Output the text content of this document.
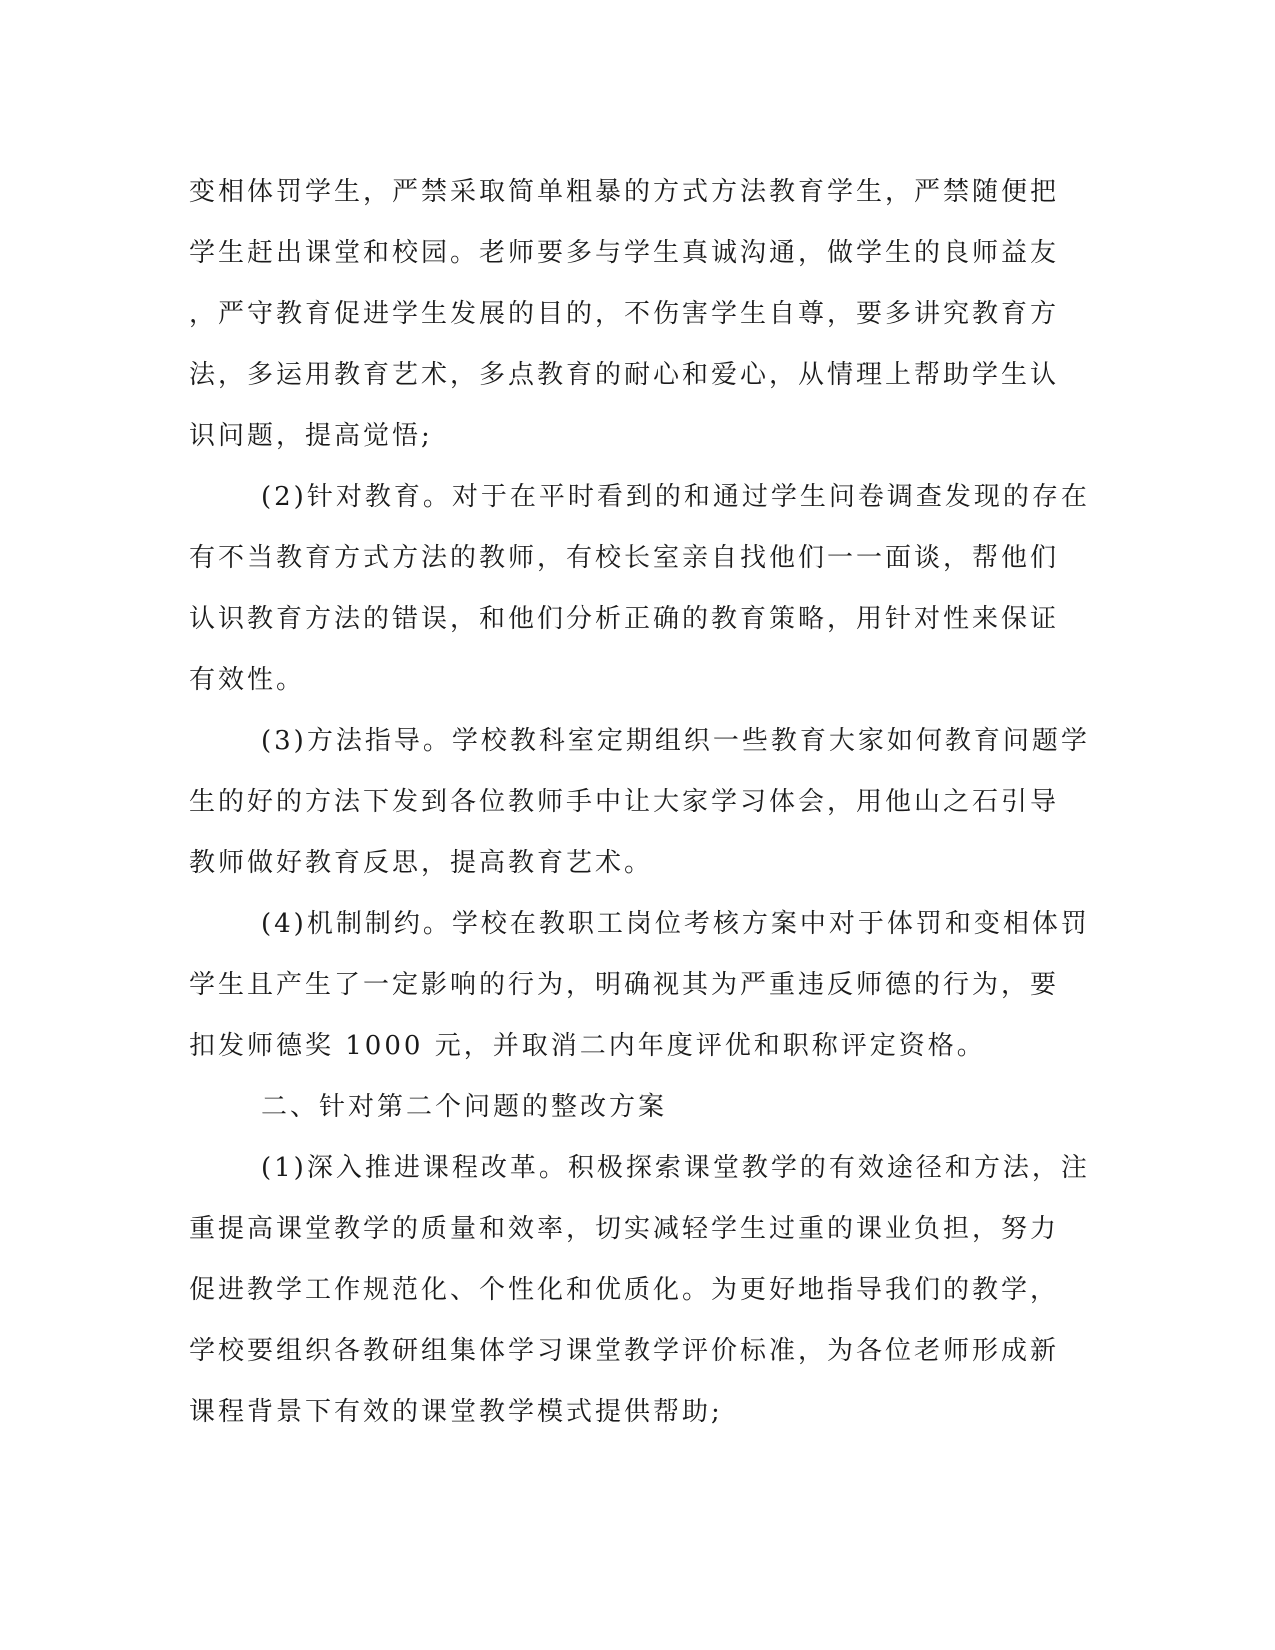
变相体罚学生，严禁采取简单粗暴的方式方法教育学生，严禁随便把
学生赶出课堂和校园。老师要多与学生真诚沟通，做学生的良师益友
，严守教育促进学生发展的目的，不伤害学生自尊，要多讲究教育方
法，多运用教育艺术，多点教育的耐心和爱心，从情理上帮助学生认
识问题，提高觉悟;
(2)针对教育。对于在平时看到的和通过学生问卷调查发现的存在
有不当教育方式方法的教师，有校长室亲自找他们一一面谈，帮他们
认识教育方法的错误，和他们分析正确的教育策略，用针对性来保证
有效性。
(3)方法指导。学校教科室定期组织一些教育大家如何教育问题学
生的好的方法下发到各位教师手中让大家学习体会，用他山之石引导
教师做好教育反思，提高教育艺术。
(4)机制制约。学校在教职工岗位考核方案中对于体罚和变相体罚
学生且产生了一定影响的行为，明确视其为严重违反师德的行为，要
扣发师德奖 1000 元，并取消二内年度评优和职称评定资格。
二、针对第二个问题的整改方案
(1)深入推进课程改革。积极探索课堂教学的有效途径和方法，注
重提高课堂教学的质量和效率，切实减轻学生过重的课业负担，努力
促进教学工作规范化、个性化和优质化。为更好地指导我们的教学，
学校要组织各教研组集体学习课堂教学评价标准，为各位老师形成新
课程背景下有效的课堂教学模式提供帮助;
